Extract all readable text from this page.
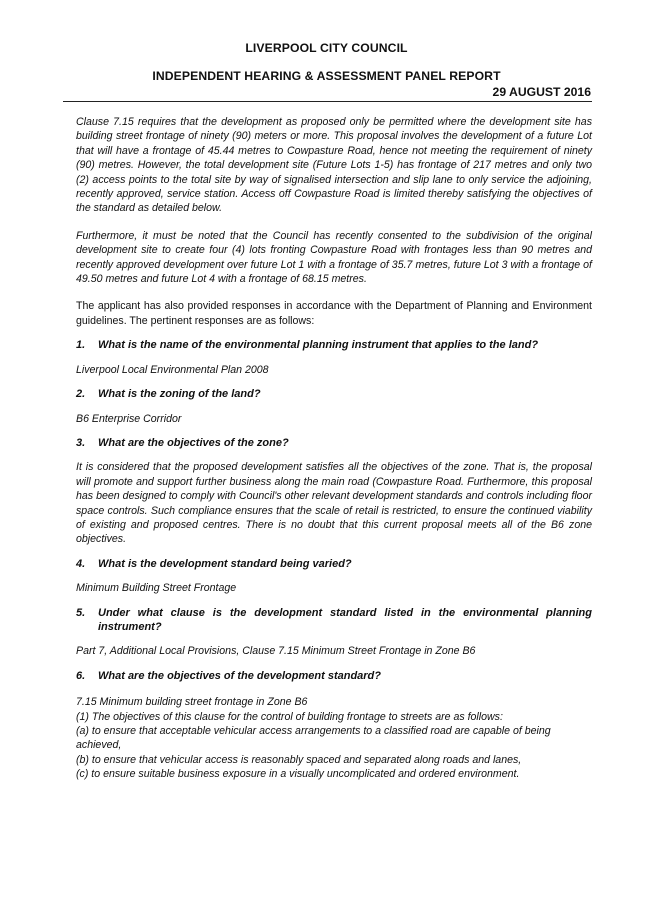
LIVERPOOL CITY COUNCIL
INDEPENDENT HEARING & ASSESSMENT PANEL REPORT
29 AUGUST 2016

Clause 7.15 requires that the development as proposed only be permitted where the development site has building street frontage of ninety (90) meters or more. This proposal involves the development of a future Lot that will have a frontage of 45.44 metres to Cowpasture Road, hence not meeting the requirement of ninety (90) metres. However, the total development site (Future Lots 1-5) has frontage of 217 metres and only two (2) access points to the total site by way of signalised intersection and slip lane to only service the adjoining, recently approved, service station. Access off Cowpasture Road is limited thereby satisfying the objectives of the standard as detailed below.

Furthermore, it must be noted that the Council has recently consented to the subdivision of the original development site to create four (4) lots fronting Cowpasture Road with frontages less than 90 metres and recently approved development over future Lot 1 with a frontage of 35.7 metres, future Lot 3 with a frontage of 49.50 metres and future Lot 4 with a frontage of 68.15 metres.

The applicant has also provided responses in accordance with the Department of Planning and Environment guidelines. The pertinent responses are as follows:

1.	What is the name of the environmental planning instrument that applies to the land?

Liverpool Local Environmental Plan 2008

2.	What is the zoning of the land?

B6 Enterprise Corridor

3.	What are the objectives of the zone?

It is considered that the proposed development satisfies all the objectives of the zone. That is, the proposal will promote and support further business along the main road (Cowpasture Road. Furthermore, this proposal has been designed to comply with Council's other relevant development standards and controls including floor space controls. Such compliance ensures that the scale of retail is restricted, to ensure the continued viability of existing and proposed centres. There is no doubt that this current proposal meets all of the B6 zone objectives.

4.	What is the development standard being varied?

Minimum Building Street Frontage

5.	Under what clause is the development standard listed in the environmental planning instrument?

Part 7, Additional Local Provisions, Clause 7.15 Minimum Street Frontage in Zone B6

6.	What are the objectives of the development standard?

7.15 Minimum building street frontage in Zone B6

(1) The objectives of this clause for the control of building frontage to streets are as follows:

(a) to ensure that acceptable vehicular access arrangements to a classified road are capable of being achieved,

(b) to ensure that vehicular access is reasonably spaced and separated along roads and lanes,

(c) to ensure suitable business exposure in a visually uncomplicated and ordered environment.
